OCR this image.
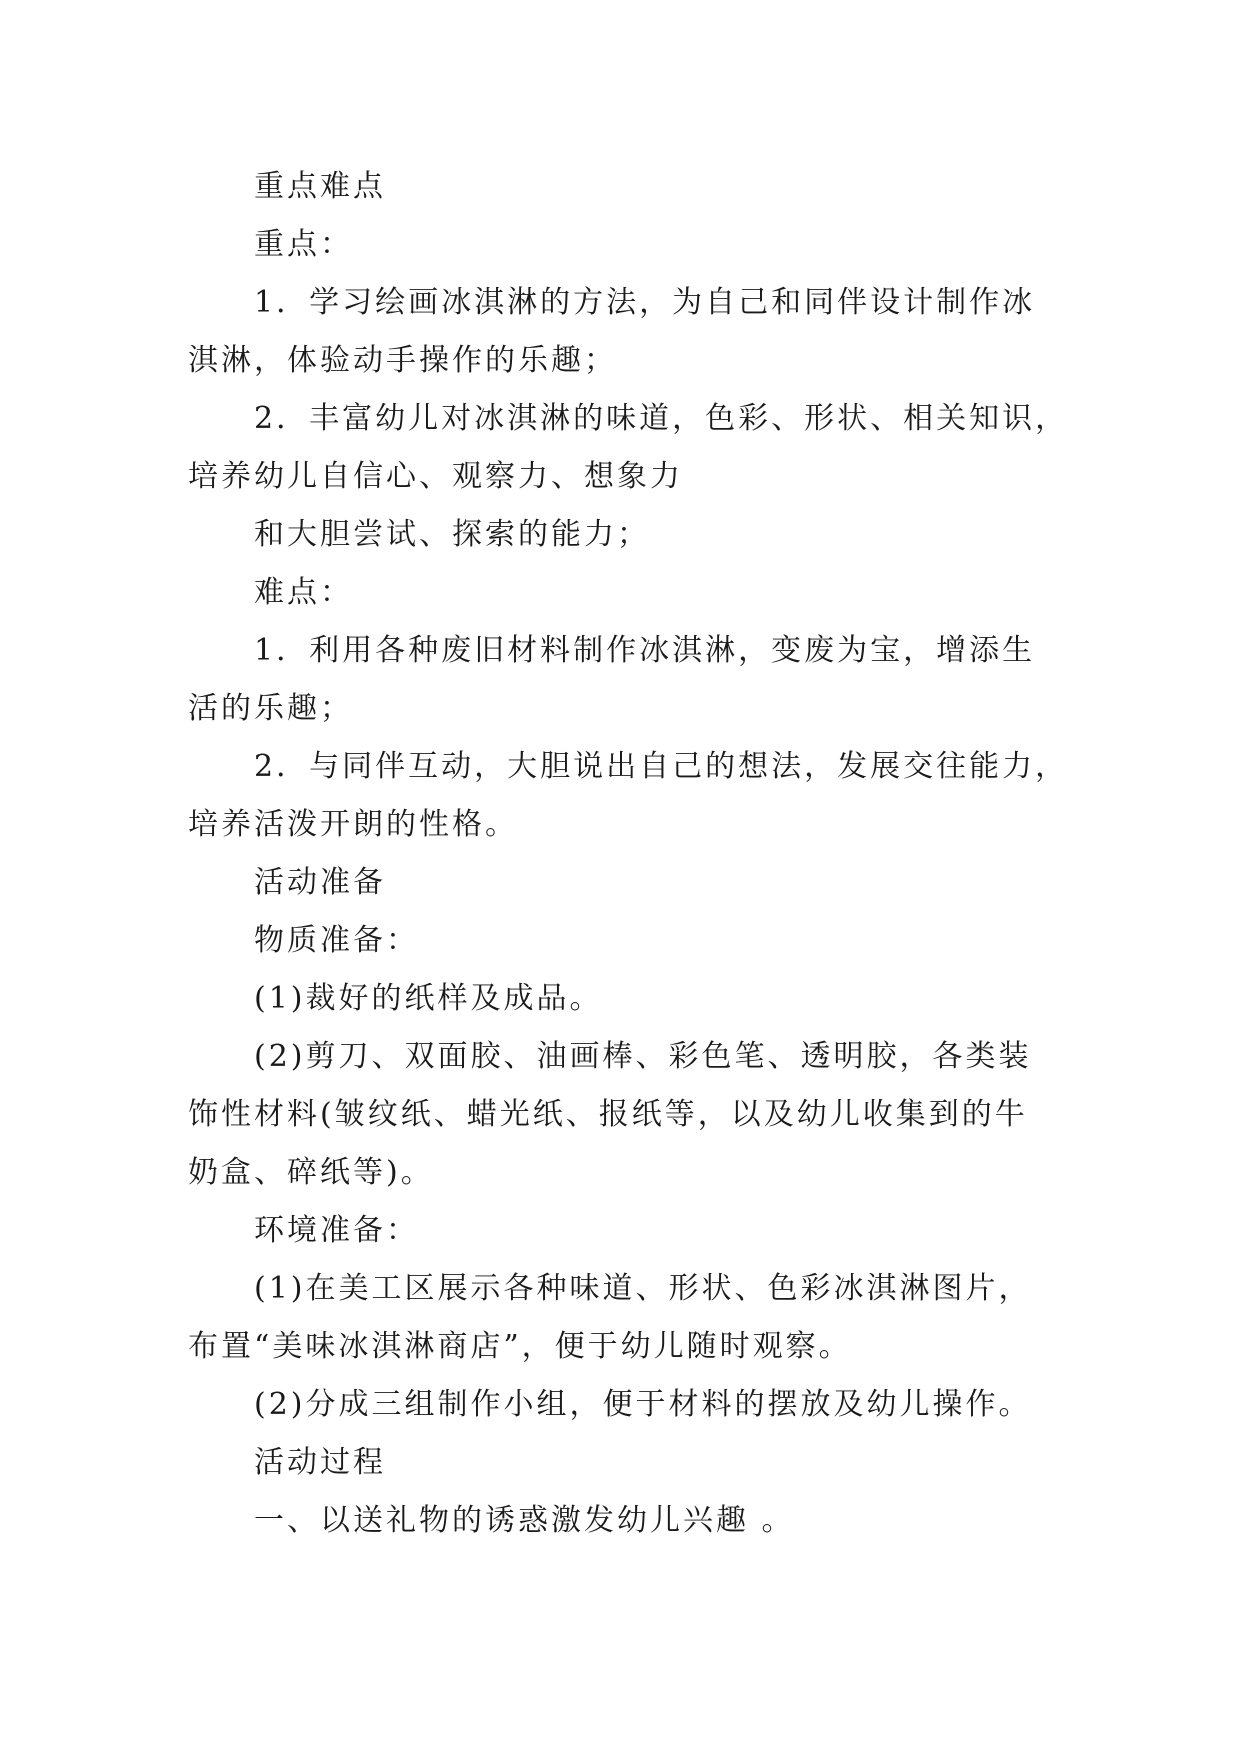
重点难点
重点：
1．学习绘画冰淇淋的方法，为自己和同伴设计制作冰
淇淋，体验动手操作的乐趣；
2．丰富幼儿对冰淇淋的味道，色彩、形状、相关知识，
培养幼儿自信心、观察力、想象力
和大胆尝试、探索的能力；
难点：
1．利用各种废旧材料制作冰淇淋，变废为宝，增添生
活的乐趣；
2．与同伴互动，大胆说出自己的想法，发展交往能力，
培养活泼开朗的性格。
活动准备
物质准备：
(1)裁好的纸样及成品。
(2)剪刀、双面胶、油画棒、彩色笔、透明胶，各类装
饰性材料(皱纹纸、蜡光纸、报纸等，以及幼儿收集到的牛
奶盒、碎纸等)。
环境准备：
(1)在美工区展示各种味道、形状、色彩冰淇淋图片，
布置“美味冰淇淋商店”，便于幼儿随时观察。
(2)分成三组制作小组，便于材料的摆放及幼儿操作。
活动过程
一、以送礼物的诱惑激发幼儿兴趣 。
